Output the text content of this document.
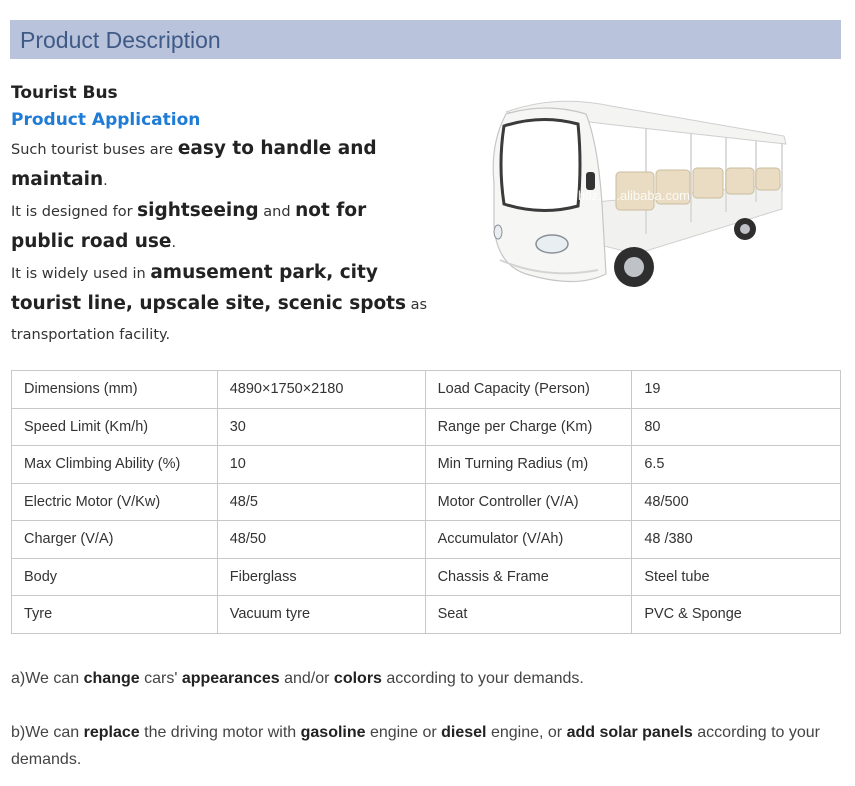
Product Description

Tourist Bus

Product Application

Such tourist buses are easy to handle and maintain.

It is designed for sightseeing and not for public road use.

It is widely used in amusement park, city tourist line, upscale site, scenic spots as transportation facility.

htlz.en.alibaba.com
Dimensions (mm)	4890×1750×2180	Load Capacity (Person)	19
Speed Limit (Km/h)	30	Range per Charge (Km)	80
Max Climbing Ability (%)	10	Min Turning Radius (m)	6.5
Electric Motor (V/Kw)	48/5	Motor Controller (V/A)	48/500
Charger (V/A)	48/50	Accumulator (V/Ah)	48 /380
Body	Fiberglass	Chassis & Frame	Steel tube
Tyre	Vacuum tyre	Seat	PVC & Sponge

a)We can change cars' appearances and/or colors according to your demands.

b)We can replace the driving motor with gasoline engine or diesel engine, or add solar panels according to your demands.
